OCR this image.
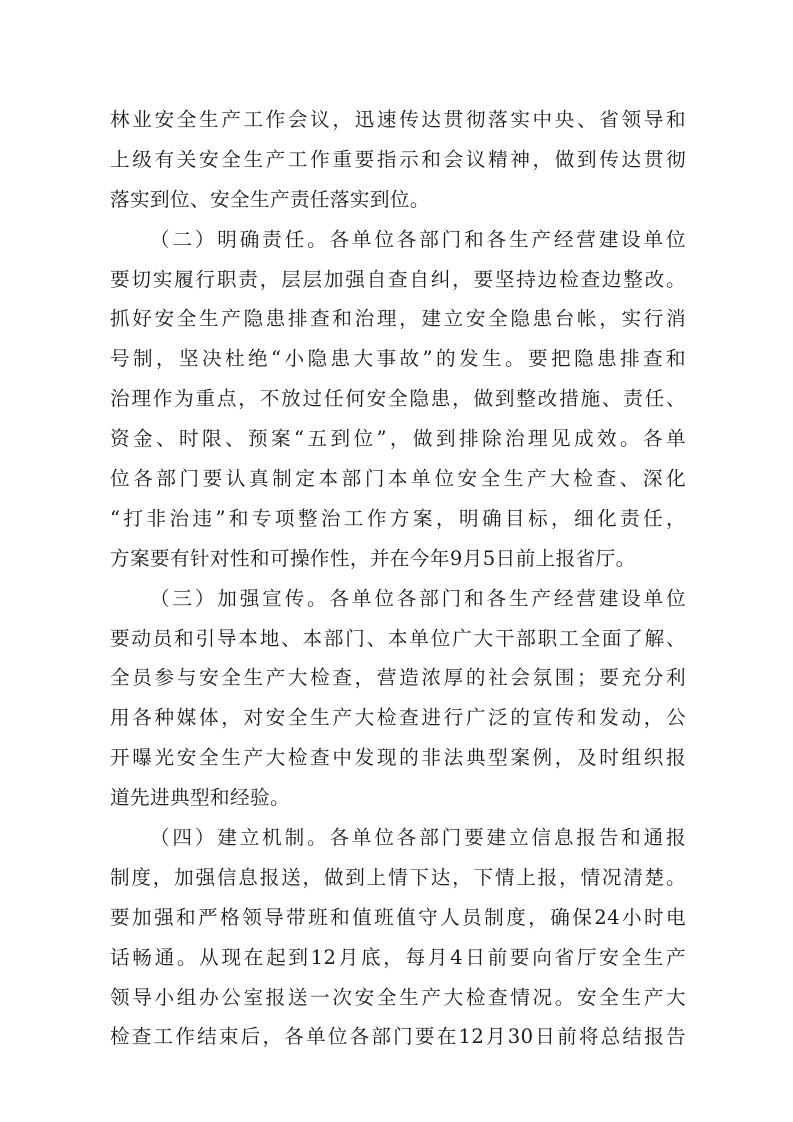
林业安全生产工作会议，迅速传达贯彻落实中央、省领导和
上级有关安全生产工作重要指示和会议精神，做到传达贯彻
落实到位、安全生产责任落实到位。
（二）明确责任。各单位各部门和各生产经营建设单位
要切实履行职责，层层加强自查自纠，要坚持边检查边整改。
抓好安全生产隐患排查和治理，建立安全隐患台帐，实行消
号制，坚决杜绝“小隐患大事故”的发生。要把隐患排查和
治理作为重点，不放过任何安全隐患，做到整改措施、责任、
资金、时限、预案“五到位”，做到排除治理见成效。各单
位各部门要认真制定本部门本单位安全生产大检查、深化
“打非治违”和专项整治工作方案，明确目标，细化责任，
方案要有针对性和可操作性，并在今年9月5日前上报省厅。
（三）加强宣传。各单位各部门和各生产经营建设单位
要动员和引导本地、本部门、本单位广大干部职工全面了解、
全员参与安全生产大检查，营造浓厚的社会氛围；要充分利
用各种媒体，对安全生产大检查进行广泛的宣传和发动，公
开曝光安全生产大检查中发现的非法典型案例，及时组织报
道先进典型和经验。
（四）建立机制。各单位各部门要建立信息报告和通报
制度，加强信息报送，做到上情下达，下情上报，情况清楚。
要加强和严格领导带班和值班值守人员制度，确保24小时电
话畅通。从现在起到12月底，每月4日前要向省厅安全生产
领导小组办公室报送一次安全生产大检查情况。安全生产大
检查工作结束后，各单位各部门要在12月30日前将总结报告
